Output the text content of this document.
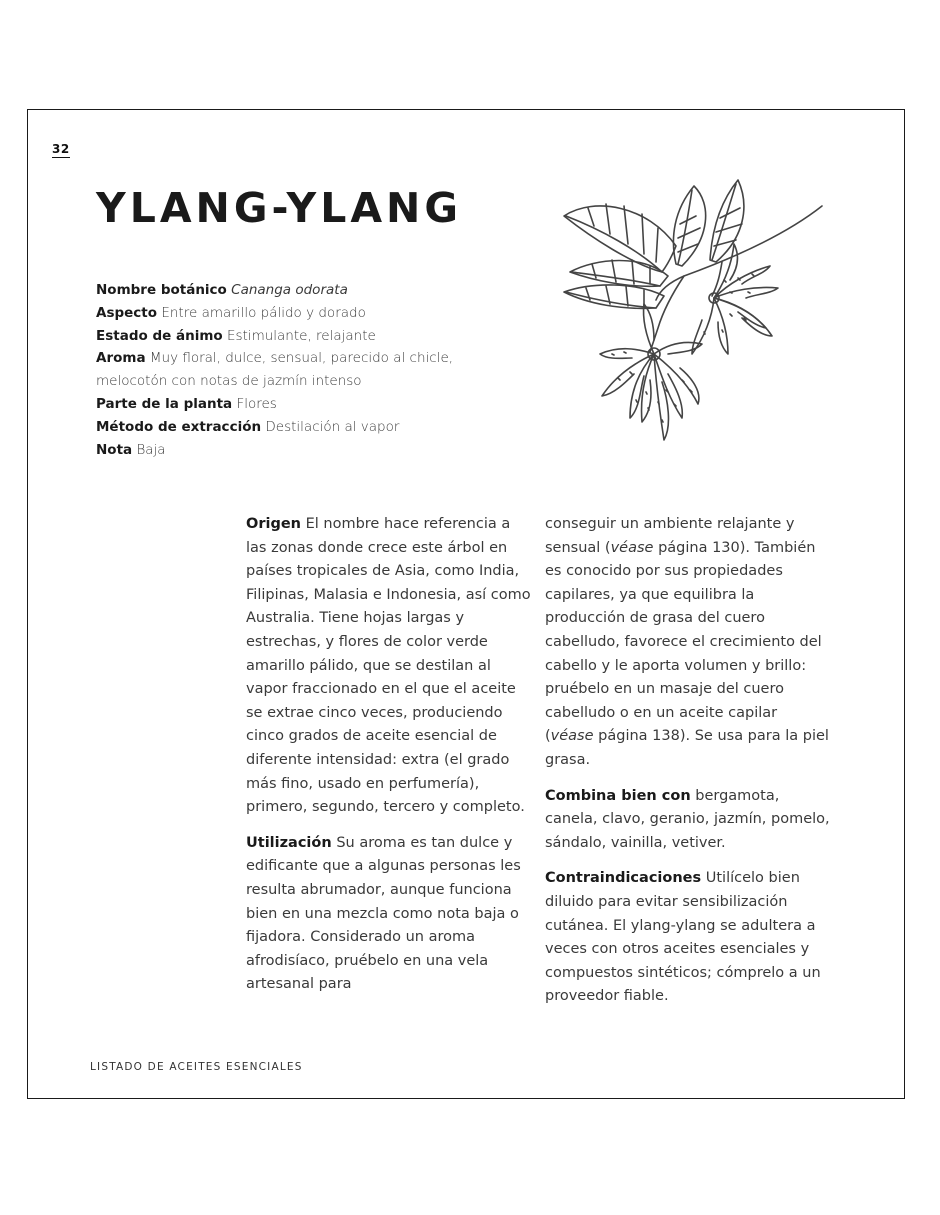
32
YLANG-YLANG
Nombre botánico Cananga odorata
Aspecto Entre amarillo pálido y dorado
Estado de ánimo Estimulante, relajante
Aroma Muy floral, dulce, sensual, parecido al chicle,
melocotón con notas de jazmín intenso
Parte de la planta Flores
Método de extracción Destilación al vapor
Nota Baja

Origen El nombre hace referencia a las zonas donde crece este árbol en países tropicales de Asia, como India, Filipinas, Malasia e Indonesia, así como Australia. Tiene hojas largas y estrechas, y flores de color verde amarillo pálido, que se destilan al vapor fraccionado en el que el aceite se extrae cinco veces, produciendo cinco grados de aceite esencial de diferente intensidad: extra (el grado más fino, usado en perfumería), primero, segundo, tercero y completo.

Utilización Su aroma es tan dulce y edificante que a algunas personas les resulta abrumador, aunque funciona bien en una mezcla como nota baja o fijadora. Considerado un aroma afrodisíaco, pruébelo en una vela artesanal para

conseguir un ambiente relajante y sensual (véase página 130). También es conocido por sus propiedades capilares, ya que equilibra la producción de grasa del cuero cabelludo, favorece el crecimiento del cabello y le aporta volumen y brillo: pruébelo en un masaje del cuero cabelludo o en un aceite capilar (véase página 138). Se usa para la piel grasa.

Combina bien con bergamota, canela, clavo, geranio, jazmín, pomelo, sándalo, vainilla, vetiver.

Contraindicaciones Utilícelo bien diluido para evitar sensibilización cutánea. El ylang-ylang se adultera a veces con otros aceites esenciales y compuestos sintéticos; cómprelo a un proveedor fiable.

LISTADO DE ACEITES ESENCIALES
